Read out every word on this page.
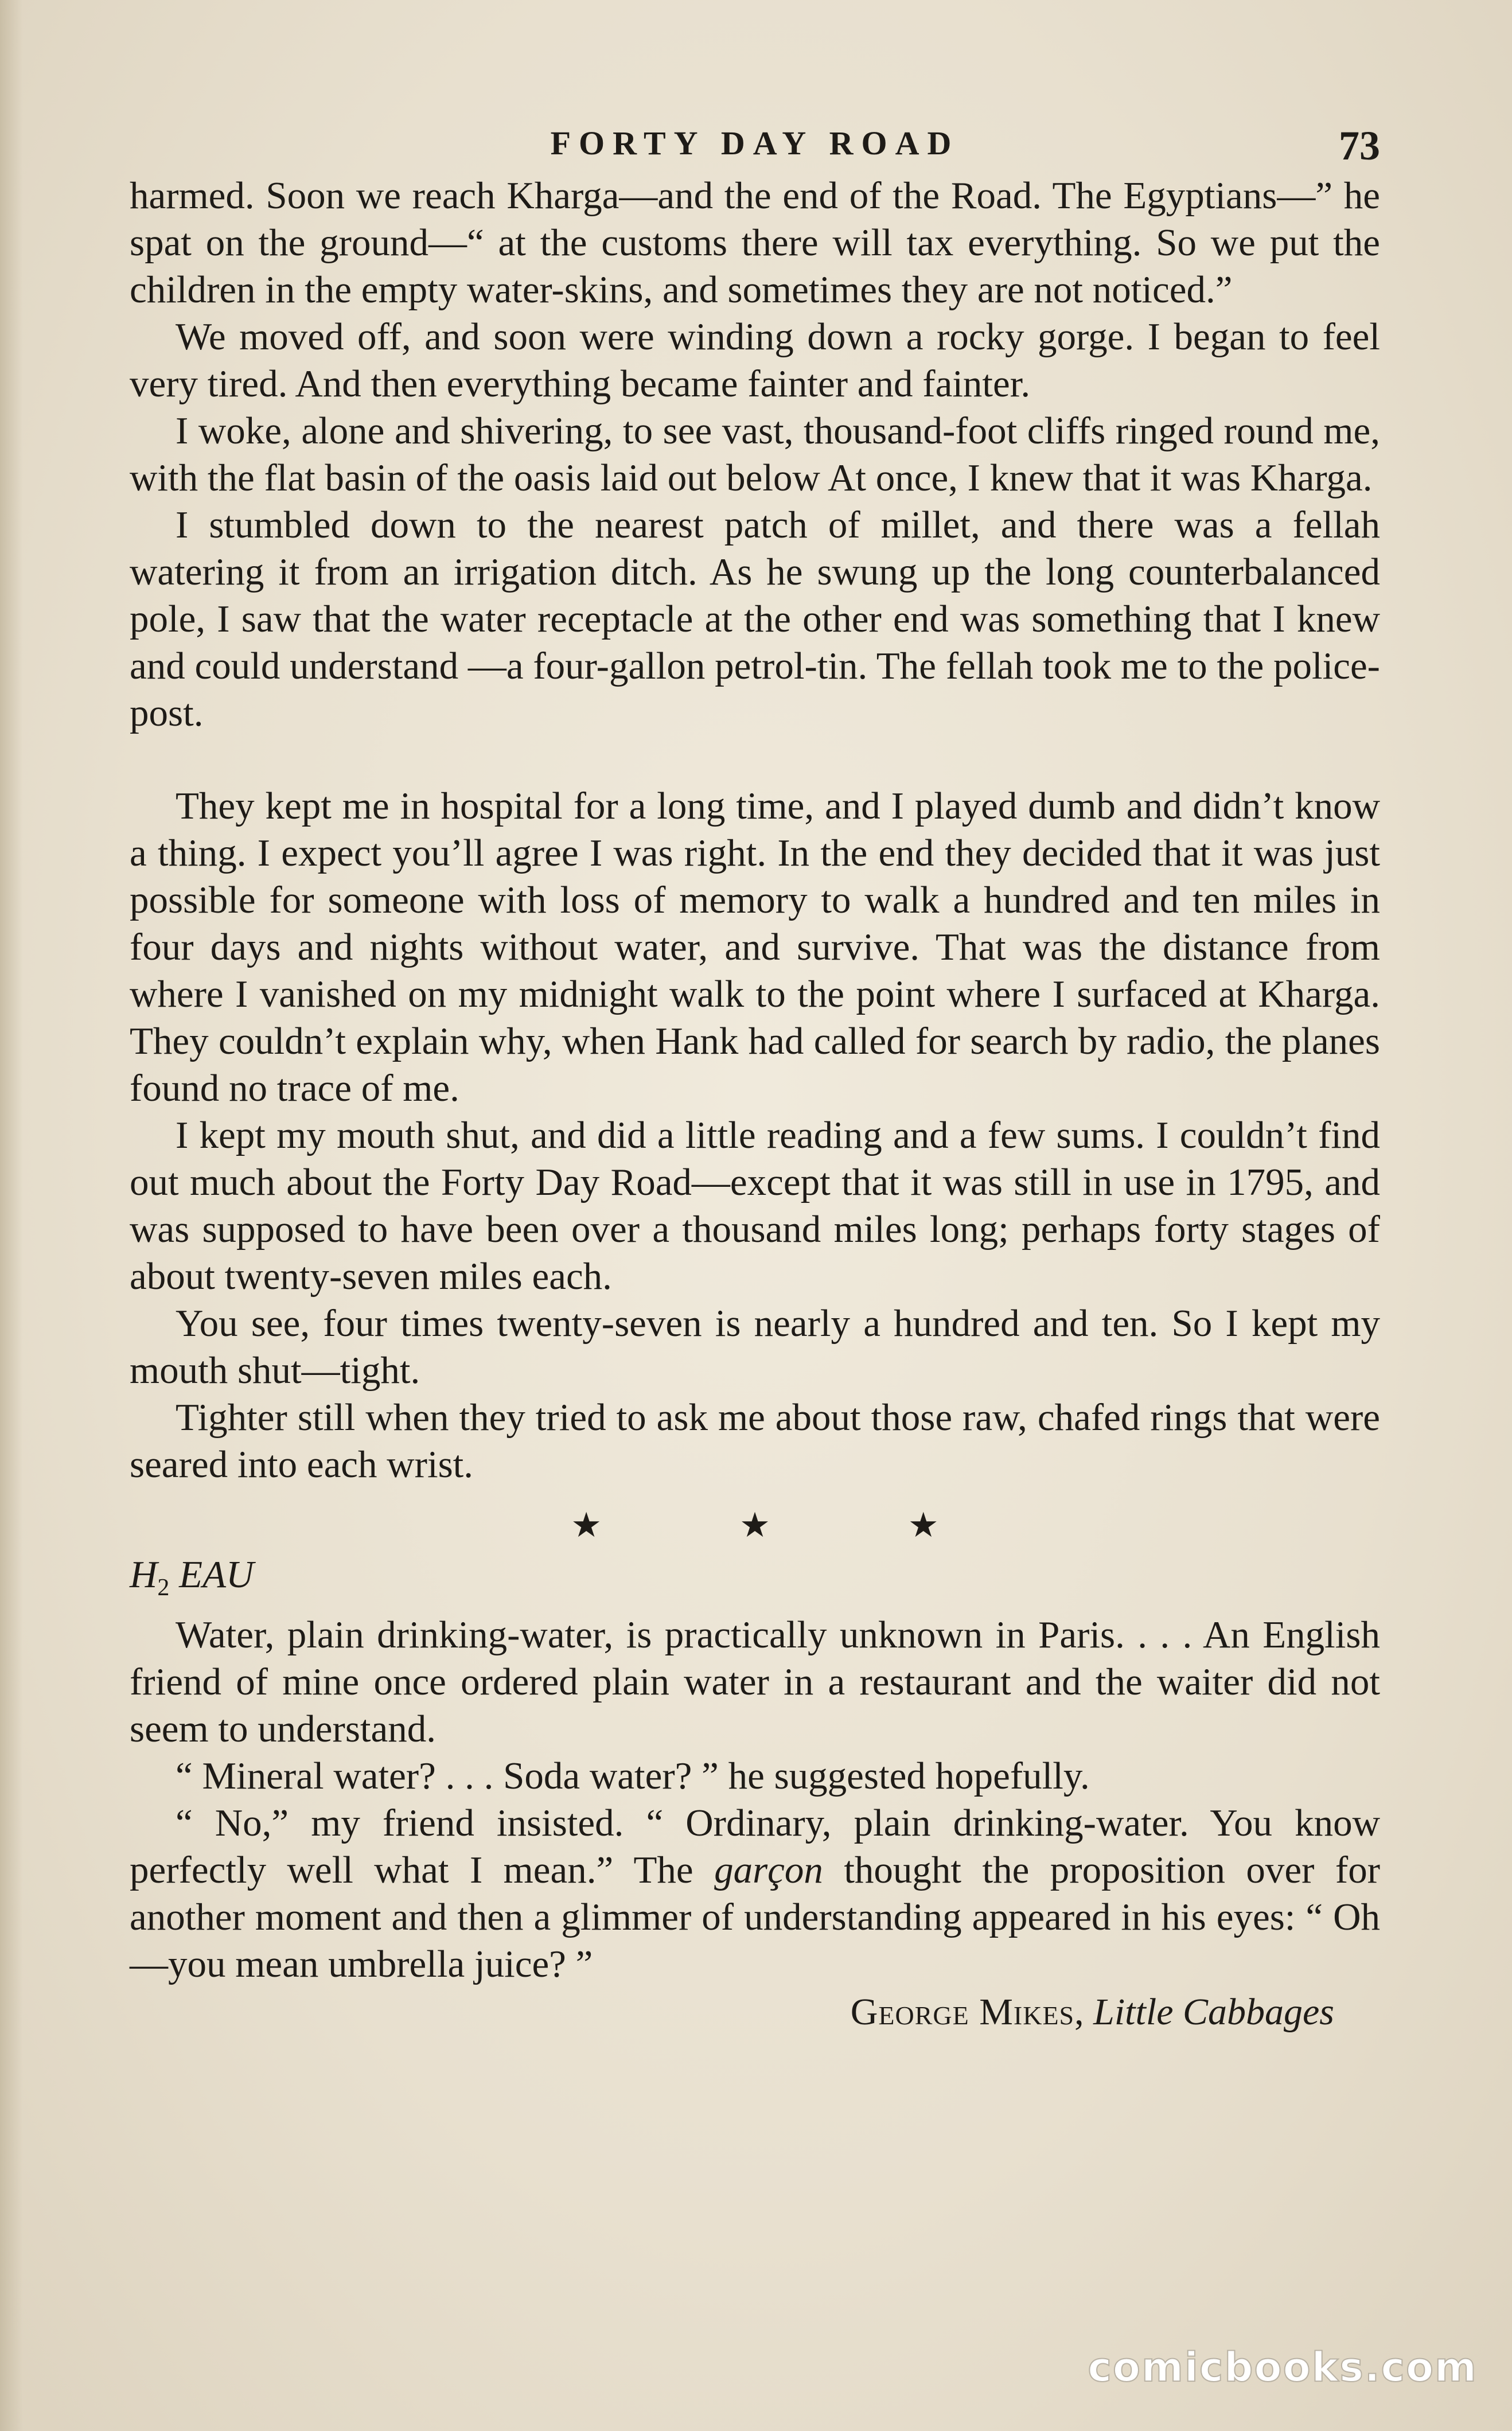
FORTY DAY ROAD	73

harmed. Soon we reach Kharga—and the end of the Road. The Egyptians—” he spat on the ground—“ at the customs there will tax everything. So we put the children in the empty water-skins, and sometimes they are not noticed.”

We moved off, and soon were winding down a rocky gorge. I began to feel very tired. And then everything became fainter and fainter.

I woke, alone and shivering, to see vast, thousand-foot cliffs ringed round me, with the flat basin of the oasis laid out below At once, I knew that it was Kharga.

I stumbled down to the nearest patch of millet, and there was a fellah watering it from an irrigation ditch. As he swung up the long counterbalanced pole, I saw that the water receptacle at the other end was something that I knew and could understand —a four-gallon petrol-tin. The fellah took me to the police-post.

They kept me in hospital for a long time, and I played dumb and didn’t know a thing. I expect you’ll agree I was right. In the end they decided that it was just possible for someone with loss of memory to walk a hundred and ten miles in four days and nights without water, and survive. That was the distance from where I vanished on my midnight walk to the point where I surfaced at Kharga. They couldn’t explain why, when Hank had called for search by radio, the planes found no trace of me.

I kept my mouth shut, and did a little reading and a few sums. I couldn’t find out much about the Forty Day Road—except that it was still in use in 1795, and was supposed to have been over a thousand miles long; perhaps forty stages of about twenty-seven miles each.

You see, four times twenty-seven is nearly a hundred and ten. So I kept my mouth shut—tight.

Tighter still when they tried to ask me about those raw, chafed rings that were seared into each wrist.

★	★	★

$H_2$ EAU

Water, plain drinking-water, is practically unknown in Paris. . . . An English friend of mine once ordered plain water in a restaurant and the waiter did not seem to understand.

“ Mineral water? . . . Soda water? ” he suggested hopefully.

“ No,” my friend insisted. “ Ordinary, plain drinking-water. You know perfectly well what I mean.” The garçon thought the proposition over for another moment and then a glimmer of understanding appeared in his eyes: “ Oh—you mean umbrella juice? ”

George Mikes, Little Cabbages
comicbooks.com
